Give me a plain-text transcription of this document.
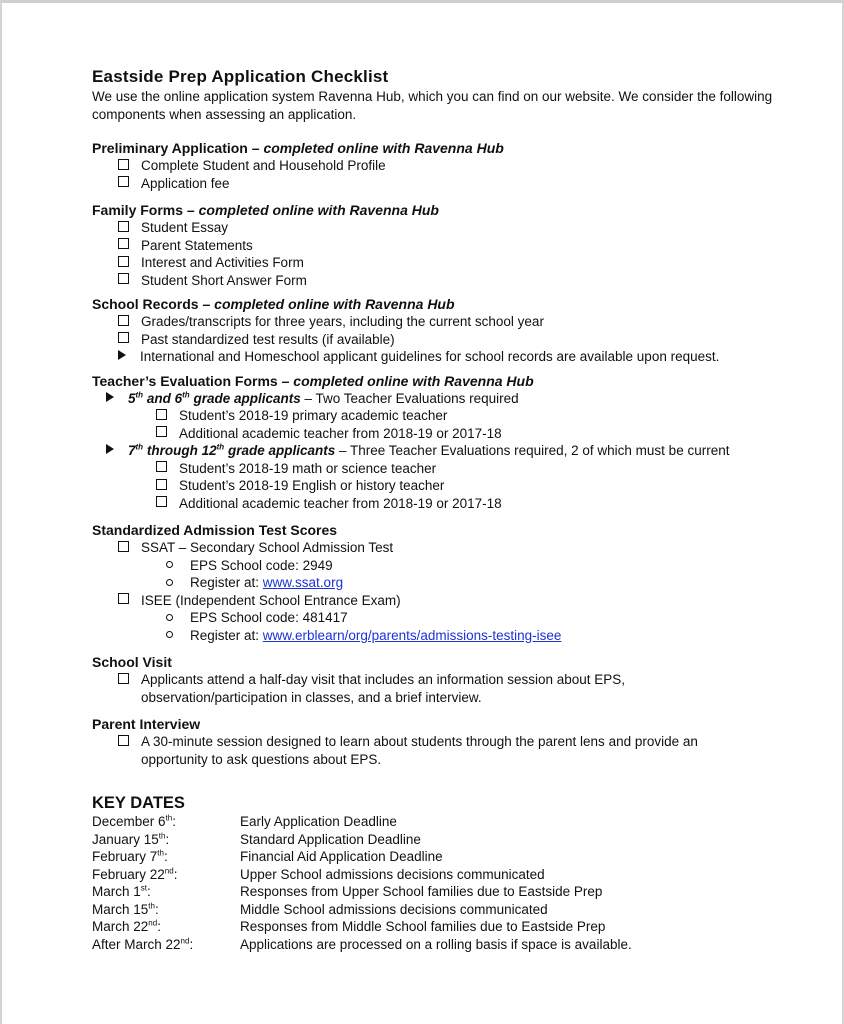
Eastside Prep Application Checklist

We use the online application system Ravenna Hub, which you can find on our website. We consider the following components when assessing an application.

Preliminary Application – completed online with Ravenna Hub

Complete Student and Household Profile
Application fee

Family Forms – completed online with Ravenna Hub

Student Essay
Parent Statements
Interest and Activities Form
Student Short Answer Form

School Records – completed online with Ravenna Hub

Grades/transcripts for three years, including the current school year
Past standardized test results (if available)
International and Homeschool applicant guidelines for school records are available upon request.

Teacher’s Evaluation Forms – completed online with Ravenna Hub

5th and 6th grade applicants – Two Teacher Evaluations required
Student’s 2018-19 primary academic teacher
Additional academic teacher from 2018-19 or 2017-18
7th through 12th grade applicants – Three Teacher Evaluations required, 2 of which must be current
Student’s 2018-19 math or science teacher
Student’s 2018-19 English or history teacher
Additional academic teacher from 2018-19 or 2017-18

Standardized Admission Test Scores

SSAT – Secondary School Admission Test
EPS School code: 2949
Register at: www.ssat.org
ISEE (Independent School Entrance Exam)
EPS School code: 481417
Register at: www.erblearn/org/parents/admissions-testing-isee

School Visit

Applicants attend a half-day visit that includes an information session about EPS,
observation/participation in classes, and a brief interview.

Parent Interview

A 30-minute session designed to learn about students through the parent lens and provide an
opportunity to ask questions about EPS.

KEY DATES

December 6th:	Early Application Deadline
January 15th:	Standard Application Deadline
February 7th:	Financial Aid Application Deadline
February 22nd:	Upper School admissions decisions communicated
March 1st:	Responses from Upper School families due to Eastside Prep
March 15th:	Middle School admissions decisions communicated
March 22nd:	Responses from Middle School families due to Eastside Prep
After March 22nd:	Applications are processed on a rolling basis if space is available.
